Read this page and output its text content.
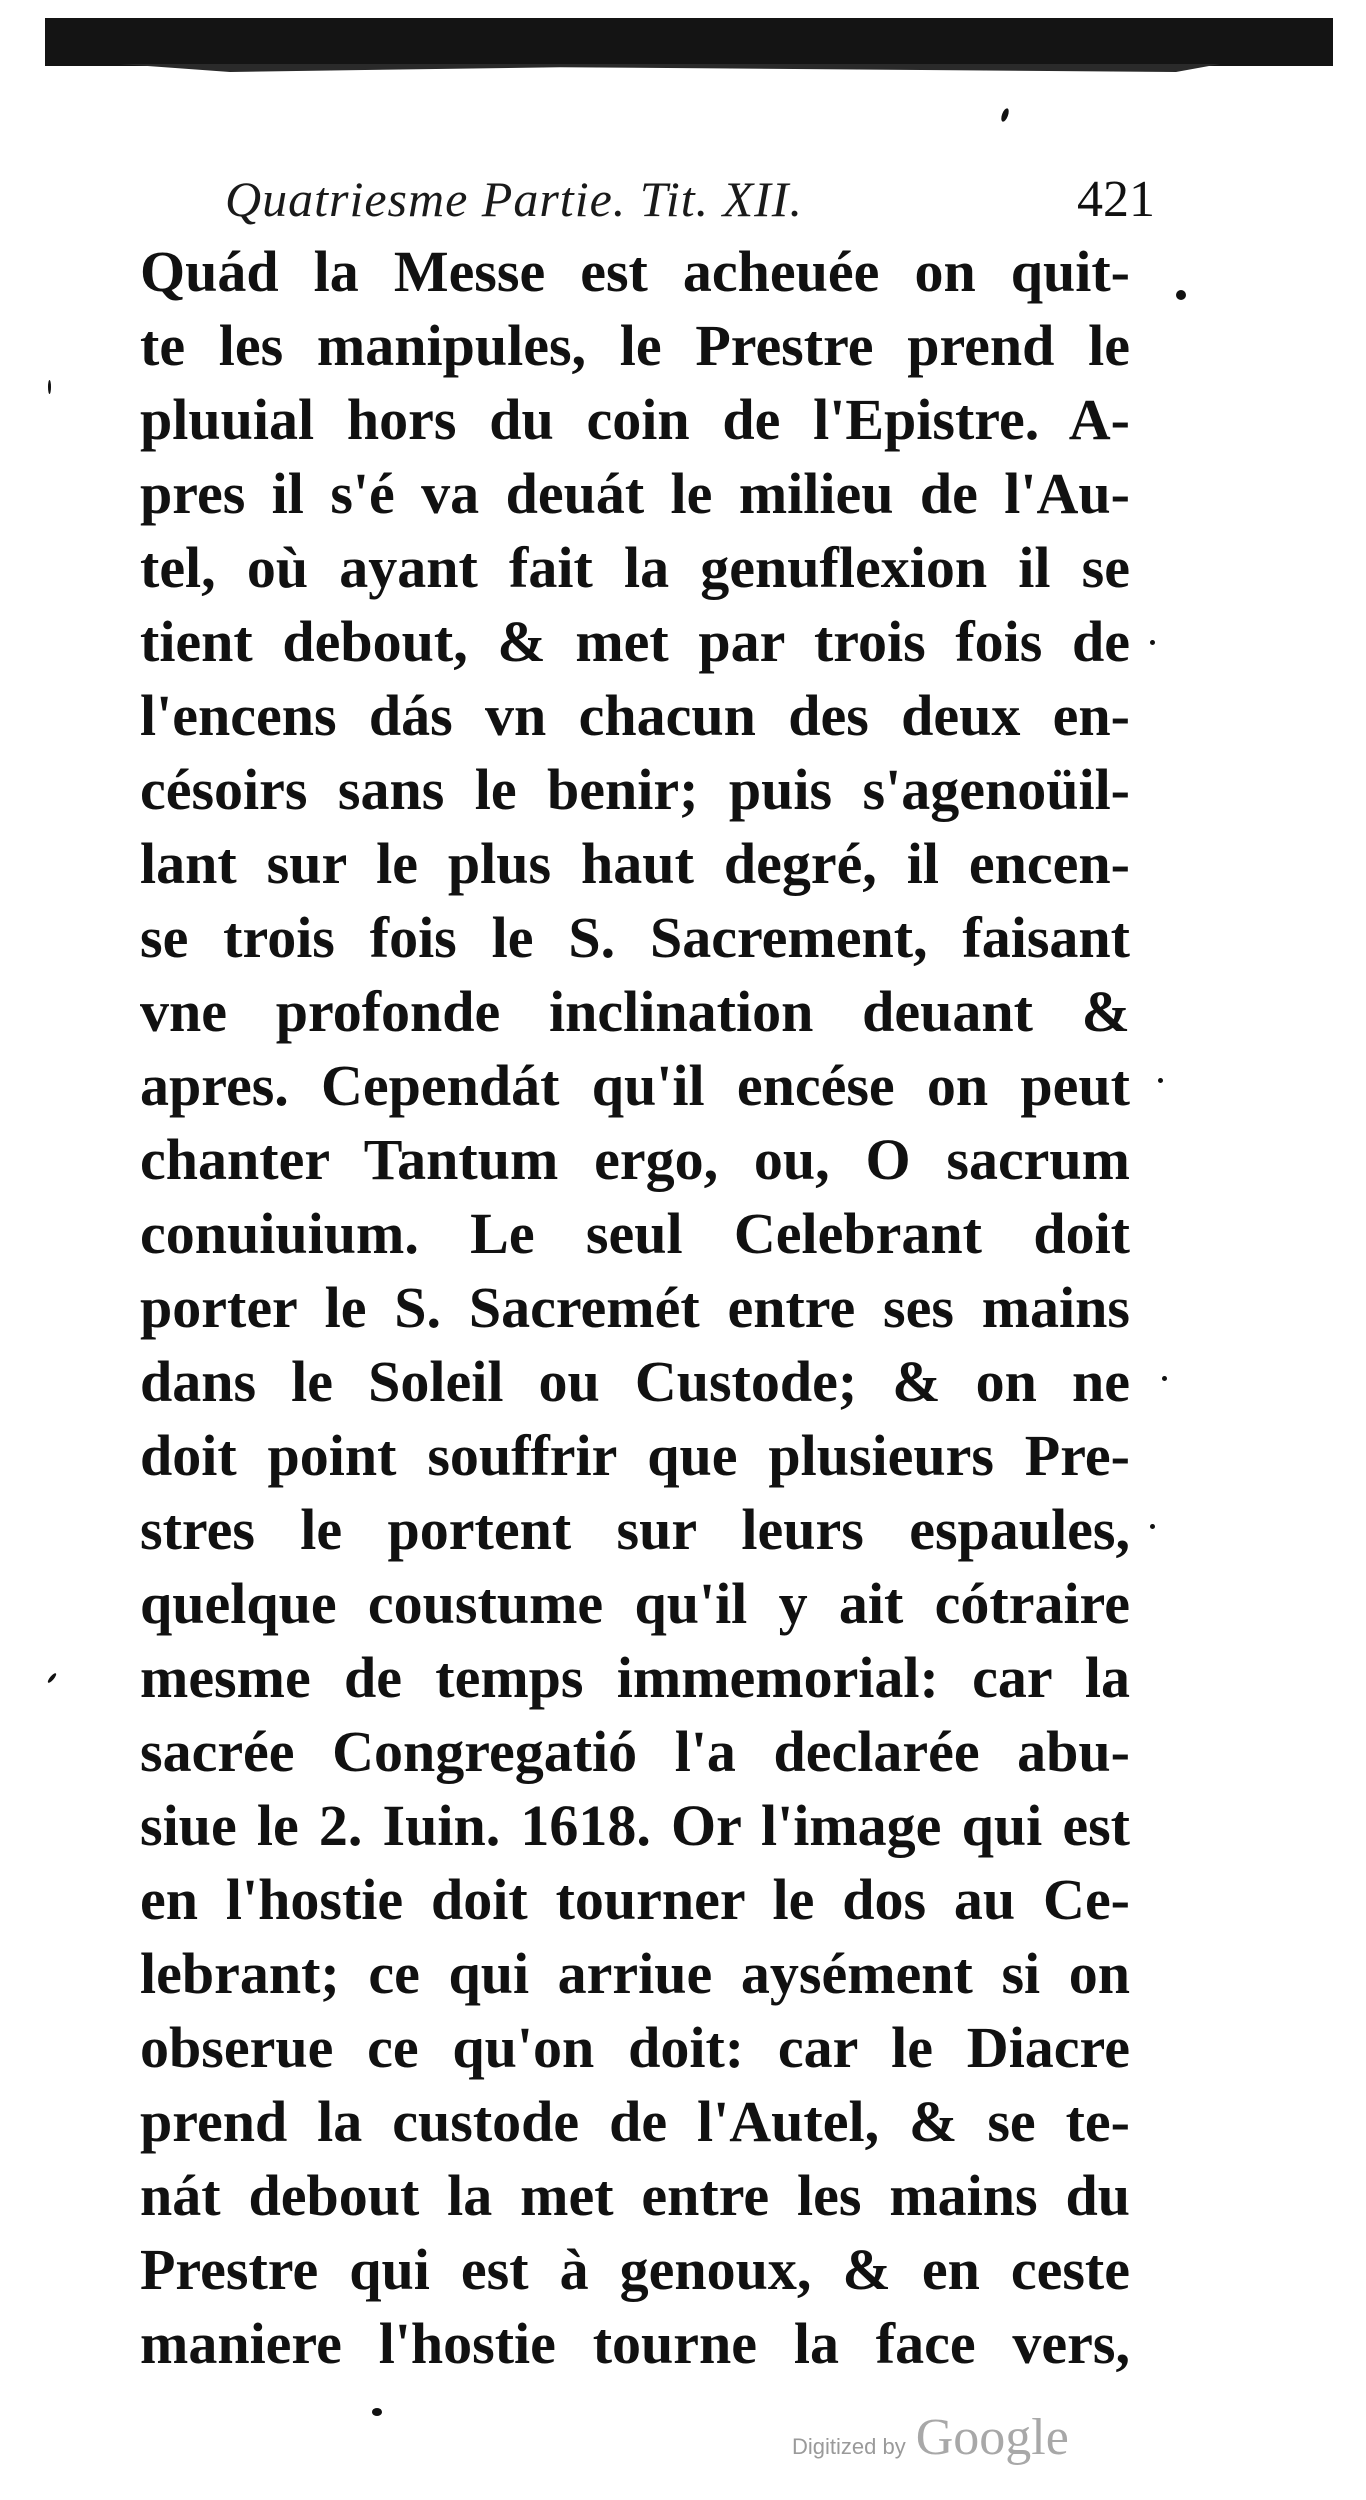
Quatriesme Partie. Tit. XII.	421
Quád la Messe est acheuée on quit-
te les manipules, le Prestre prend le
pluuial hors du coin de l'Epistre. A-
pres il s'é va deuát le milieu de l'Au-
tel, où ayant fait la genuflexion il se
tient debout, & met par trois fois de
l'encens dás vn chacun des deux en-
césoirs sans le benir; puis s'agenoüil-
lant sur le plus haut degré, il encen-
se trois fois le S. Sacrement, faisant
vne profonde inclination deuant &
apres. Cependát qu'il encése on peut
chanter Tantum ergo, ou, O sacrum
conuiuium. Le seul Celebrant doit
porter le S. Sacremét entre ses mains
dans le Soleil ou Custode; & on ne
doit point souffrir que plusieurs Pre-
stres le portent sur leurs espaules,
quelque coustume qu'il y ait cótraire
mesme de temps immemorial: car la
sacrée Congregatió l'a declarée abu-
siue le 2. Iuin. 1618. Or l'image qui est
en l'hostie doit tourner le dos au Ce-
lebrant; ce qui arriue aysément si on
obserue ce qu'on doit: car le Diacre
prend la custode de l'Autel, & se te-
nát debout la met entre les mains du
Prestre qui est à genoux, & en ceste
maniere l'hostie tourne la face vers,
Digitized by Google
